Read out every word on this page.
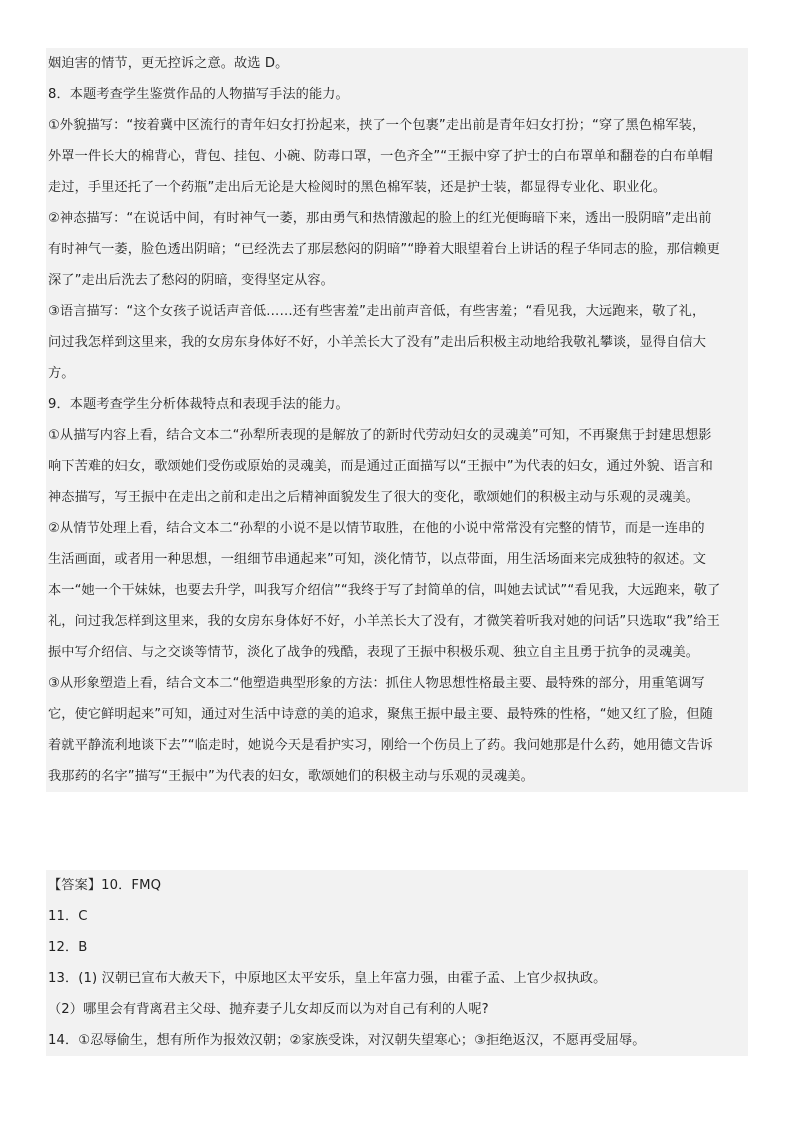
姻迫害的情节，更无控诉之意。故选 D。
8．本题考查学生鉴赏作品的人物描写手法的能力。
①外貌描写：“按着冀中区流行的青年妇女打扮起来，挟了一个包裹”走出前是青年妇女打扮；“穿了黑色棉军装，
外罩一件长大的棉背心，背包、挂包、小碗、防毒口罩，一色齐全”“王振中穿了护士的白布罩单和翻卷的白布单帽
走过，手里还托了一个药瓶”走出后无论是大检阅时的黑色棉军装，还是护士装，都显得专业化、职业化。
②神态描写：“在说话中间，有时神气一萎，那由勇气和热情激起的脸上的红光便晦暗下来，透出一股阴暗”走出前
有时神气一萎，脸色透出阴暗；“已经洗去了那层愁闷的阴暗”“睁着大眼望着台上讲话的程子华同志的脸，那信赖更
深了”走出后洗去了愁闷的阴暗，变得坚定从容。
③语言描写：“这个女孩子说话声音低……还有些害羞”走出前声音低，有些害羞；“看见我，大远跑来，敬了礼，
问过我怎样到这里来，我的女房东身体好不好，小羊羔长大了没有”走出后积极主动地给我敬礼攀谈，显得自信大
方。
9．本题考查学生分析体裁特点和表现手法的能力。
①从描写内容上看，结合文本二“孙犁所表现的是解放了的新时代劳动妇女的灵魂美”可知，不再聚焦于封建思想影
响下苦难的妇女，歌颂她们受伤或原始的灵魂美，而是通过正面描写以“王振中”为代表的妇女，通过外貌、语言和
神态描写，写王振中在走出之前和走出之后精神面貌发生了很大的变化，歌颂她们的积极主动与乐观的灵魂美。
②从情节处理上看，结合文本二“孙犁的小说不是以情节取胜，在他的小说中常常没有完整的情节，而是一连串的
生活画面，或者用一种思想，一组细节串通起来”可知，淡化情节，以点带面，用生活场面来完成独特的叙述。文
本一“她一个干妹妹，也要去升学，叫我写介绍信”“我终于写了封简单的信，叫她去试试”“看见我，大远跑来，敬了
礼，问过我怎样到这里来，我的女房东身体好不好，小羊羔长大了没有，才微笑着听我对她的问话”只选取“我”给王
振中写介绍信、与之交谈等情节，淡化了战争的残酷，表现了王振中积极乐观、独立自主且勇于抗争的灵魂美。
③从形象塑造上看，结合文本二“他塑造典型形象的方法：抓住人物思想性格最主要、最特殊的部分，用重笔调写
它，使它鲜明起来”可知，通过对生活中诗意的美的追求，聚焦王振中最主要、最特殊的性格，“她又红了脸，但随
着就平静流利地谈下去”“临走时，她说今天是看护实习，刚给一个伤员上了药。我问她那是什么药，她用德文告诉
我那药的名字”描写“王振中”为代表的妇女，歌颂她们的积极主动与乐观的灵魂美。
【答案】10．FMQ
11．C
12．B
13．(1) 汉朝已宣布大赦天下，中原地区太平安乐，皇上年富力强，由霍子孟、上官少叔执政。
（2）哪里会有背离君主父母、抛弃妻子儿女却反而以为对自己有利的人呢?
14．①忍辱偷生，想有所作为报效汉朝；②家族受诛，对汉朝失望寒心；③拒绝返汉，不愿再受屈辱。
